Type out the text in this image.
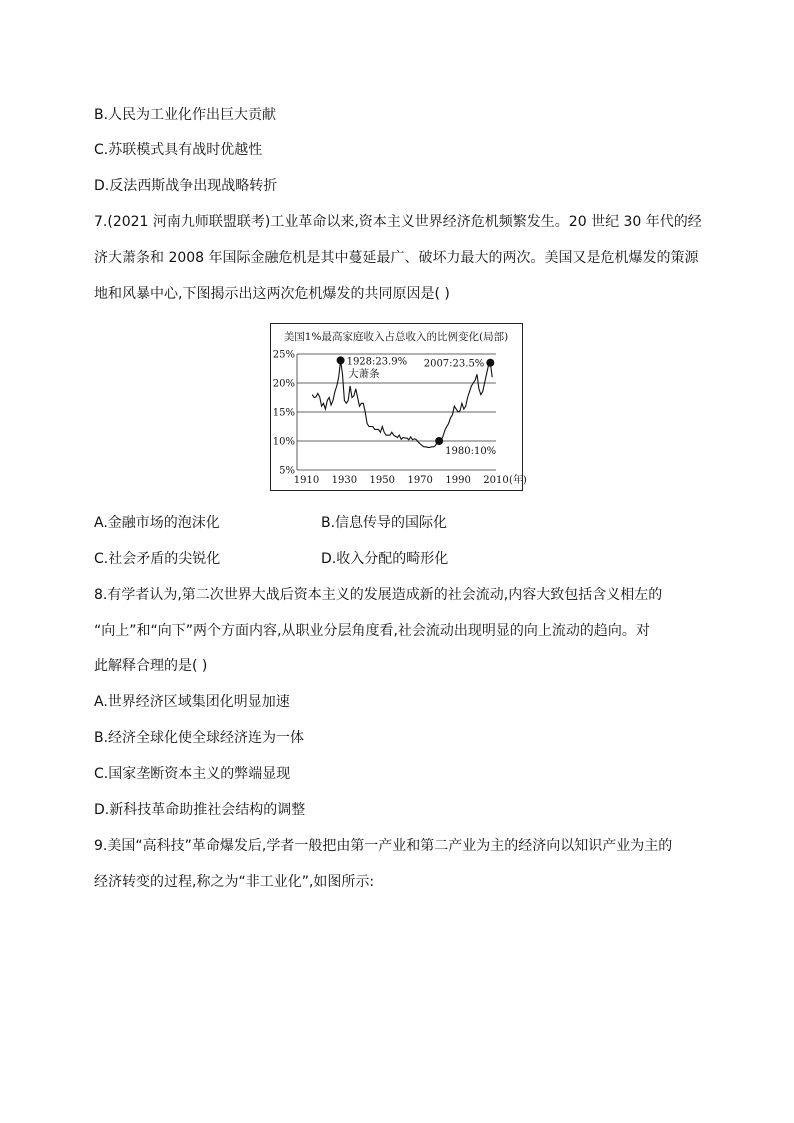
B.人民为工业化作出巨大贡献
C.苏联模式具有战时优越性
D.反法西斯战争出现战略转折
7.(2021 河南九师联盟联考)工业革命以来,资本主义世界经济危机频繁发生。20 世纪 30 年代的经
济大萧条和 2008 年国际金融危机是其中蔓延最广、破坏力最大的两次。美国又是危机爆发的策源
地和风暴中心,下图揭示出这两次危机爆发的共同原因是( )
美国1%最高家庭收入占总收入的比例变化(局部)
25%
20%
15%
10%
5%
1910 1930 1950 1970 1990 2010 (年)
1928:23.9% 2007:23.5%
1980:10%
大萧条
A.金融市场的泡沫化	B.信息传导的国际化
C.社会矛盾的尖锐化	D.收入分配的畸形化
8.有学者认为,第二次世界大战后资本主义的发展造成新的社会流动,内容大致包括含义相左的
“向上”和“向下”两个方面内容,从职业分层角度看,社会流动出现明显的向上流动的趋向。对
此解释合理的是( )
A.世界经济区域集团化明显加速
B.经济全球化使全球经济连为一体
C.国家垄断资本主义的弊端显现
D.新科技革命助推社会结构的调整
9.美国“高科技”革命爆发后,学者一般把由第一产业和第二产业为主的经济向以知识产业为主的
经济转变的过程,称之为“非工业化”,如图所示:
